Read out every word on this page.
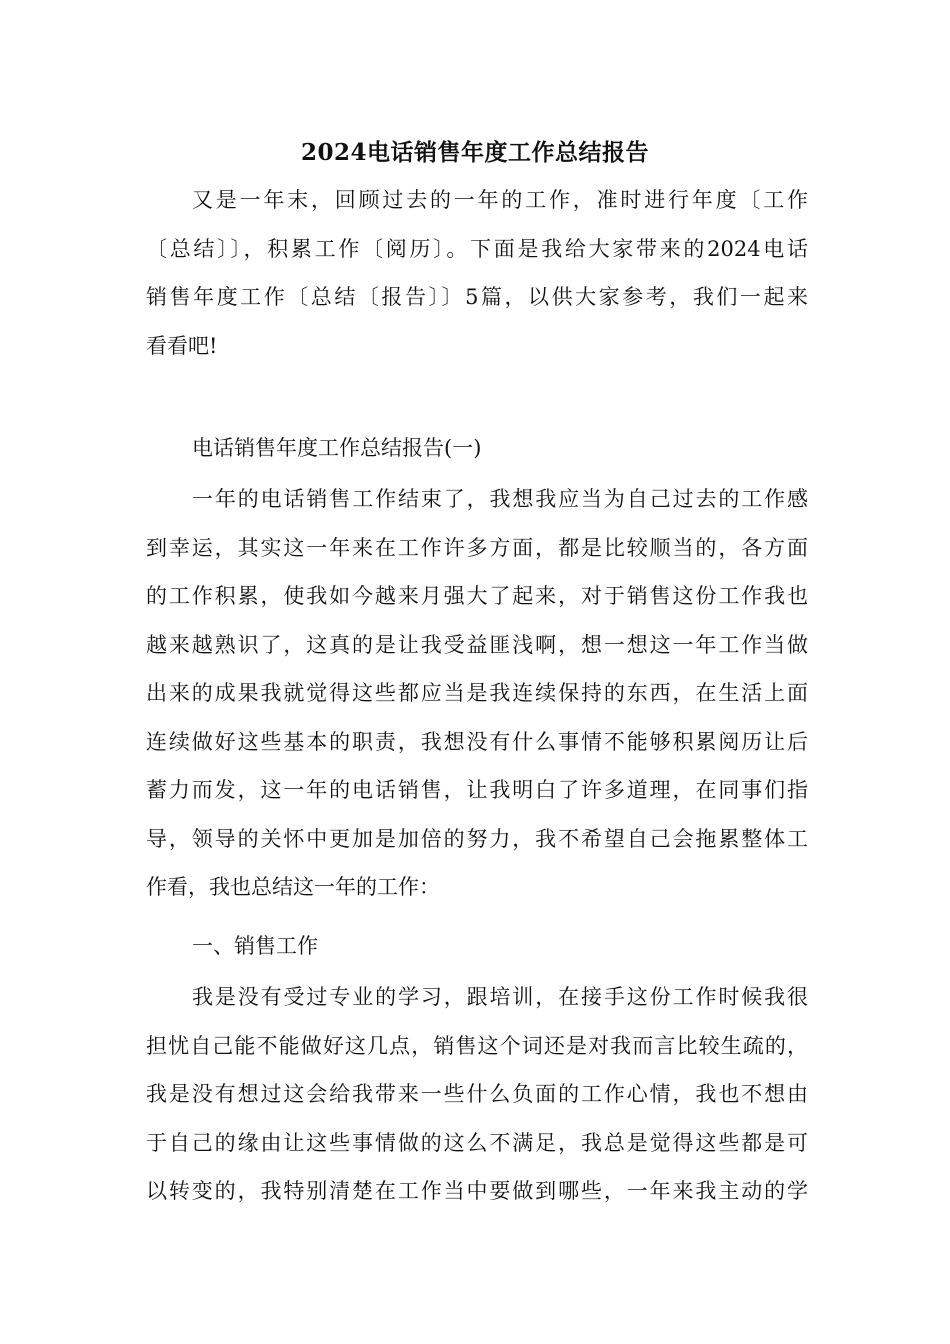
2024电话销售年度工作总结报告
又是一年末，回顾过去的一年的工作，准时进行年度〔工作
〔总结〕〕，积累工作〔阅历〕。下面是我给大家带来的2024电话
销售年度工作〔总结〔报告〕〕5篇，以供大家参考，我们一起来
看看吧!
电话销售年度工作总结报告(一)
一年的电话销售工作结束了，我想我应当为自己过去的工作感
到幸运，其实这一年来在工作许多方面，都是比较顺当的，各方面
的工作积累，使我如今越来月强大了起来，对于销售这份工作我也
越来越熟识了，这真的是让我受益匪浅啊，想一想这一年工作当做
出来的成果我就觉得这些都应当是我连续保持的东西，在生活上面
连续做好这些基本的职责，我想没有什么事情不能够积累阅历让后
蓄力而发，这一年的电话销售，让我明白了许多道理，在同事们指
导，领导的关怀中更加是加倍的努力，我不希望自己会拖累整体工
作看，我也总结这一年的工作：
一、销售工作
我是没有受过专业的学习，跟培训，在接手这份工作时候我很
担忧自己能不能做好这几点，销售这个词还是对我而言比较生疏的，
我是没有想过这会给我带来一些什么负面的工作心情，我也不想由
于自己的缘由让这些事情做的这么不满足，我总是觉得这些都是可
以转变的，我特别清楚在工作当中要做到哪些，一年来我主动的学
